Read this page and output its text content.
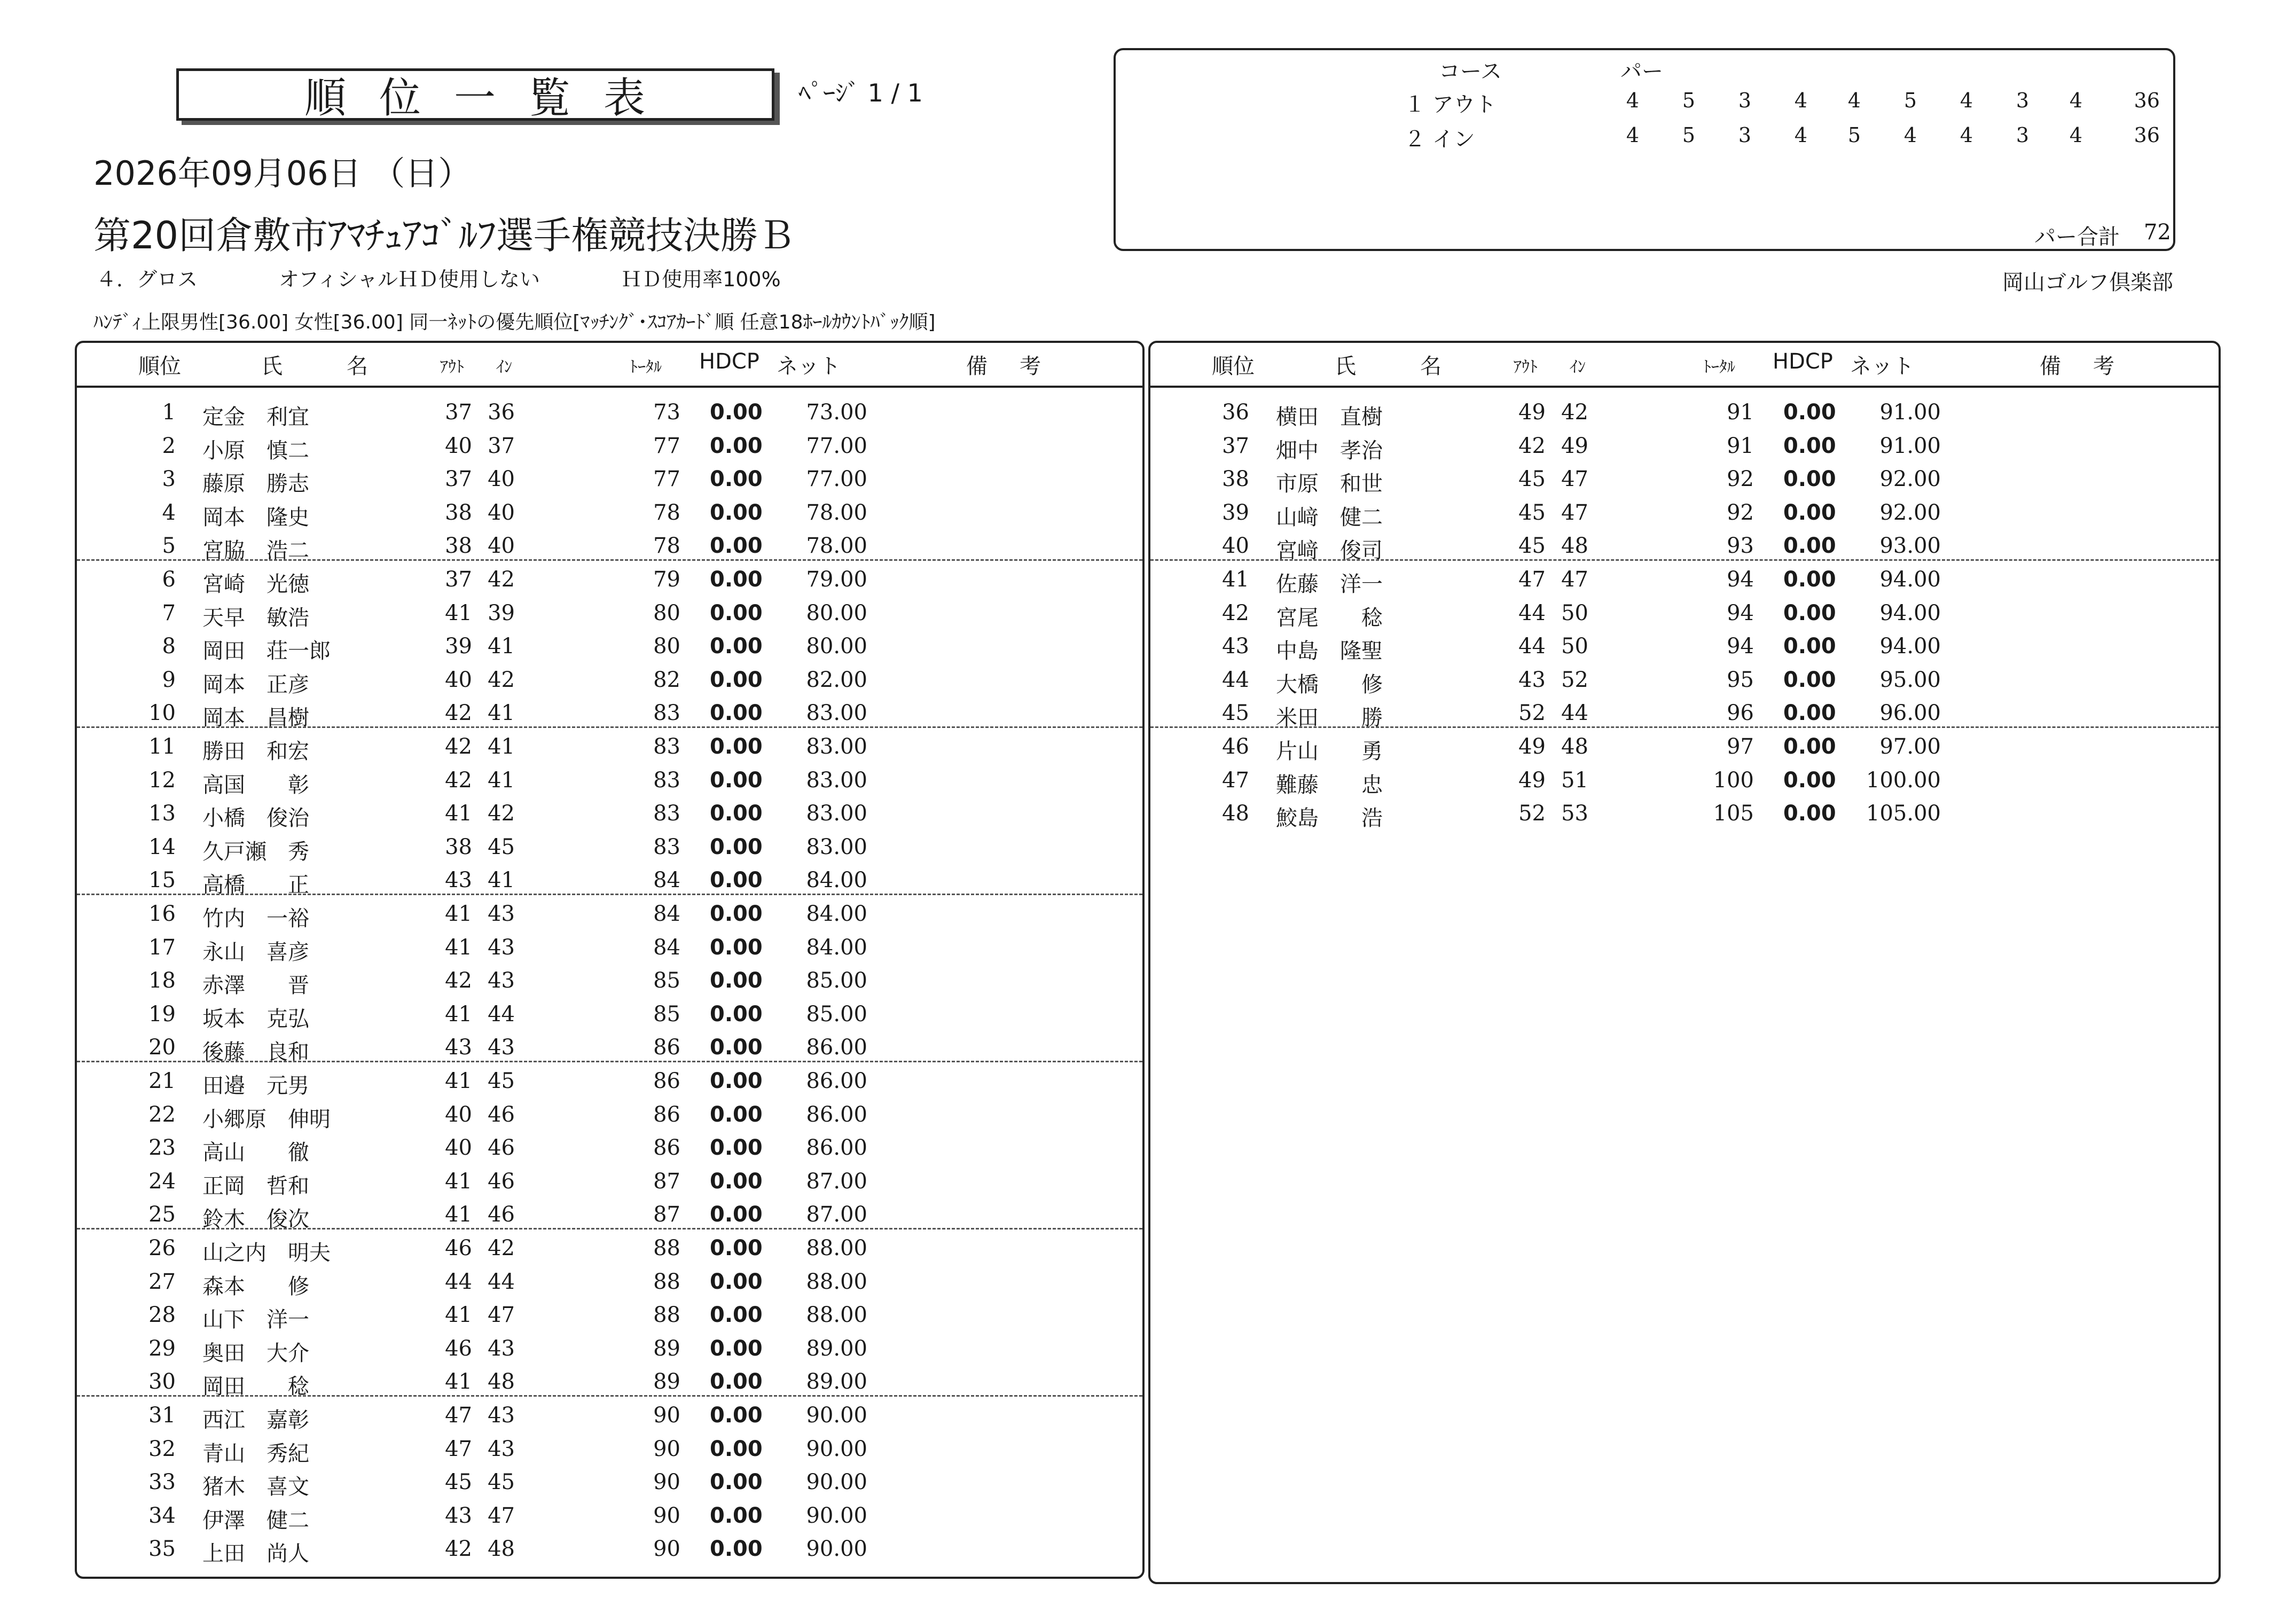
順位一覧表	ﾍﾟｰｼﾞ 1 / 1
2026年09月06日 （日）
第20回倉敷市ｱﾏﾁｭｱｺﾞﾙﾌ選手権競技決勝Ｂ
４．グロス　　　　オフィシャルＨＤ使用しない　　　　ＨＤ使用率100%
ﾊﾝﾃﾞｨ上限男性[36.00] 女性[36.00] 同一ﾈｯﾄの優先順位[ﾏｯﾁﾝｸﾞ･ｽｺｱｶｰﾄﾞ順 任意18ﾎｰﾙｶｳﾝﾄﾊﾞｯｸ順]
岡山ゴルフ倶楽部
コース	パー
１ アウト	4	5	3	4	4	5	4	3	4	36
２ イン	4	5	3	4	5	4	4	3	4	36
パー合計 72
順位	氏	名	ｱｳﾄ ｲﾝ	ﾄｰﾀﾙ HDCP ネット	備 考
1 定金　利宜	37 36	73 0.00	73.00
2 小原　慎二	40 37	77 0.00	77.00
3 藤原　勝志	37 40	77 0.00	77.00
4 岡本　隆史	38 40	78 0.00	78.00
5 宮脇　浩二	38 40	78 0.00	78.00
6 宮崎　光徳	37 42	79 0.00	79.00
7 天早　敏浩	41 39	80 0.00	80.00
8 岡田　荘一郎	39 41	80 0.00	80.00
9 岡本　正彦	40 42	82 0.00	82.00
10 岡本　昌樹	42 41	83 0.00	83.00
11 勝田　和宏	42 41	83 0.00	83.00
12 高国　　彰	42 41	83 0.00	83.00
13 小橋　俊治	41 42	83 0.00	83.00
14 久戸瀬　秀	38 45	83 0.00	83.00
15 高橋　　正	43 41	84 0.00	84.00
16 竹内　一裕	41 43	84 0.00	84.00
17 永山　喜彦	41 43	84 0.00	84.00
18 赤澤　　晋	42 43	85 0.00	85.00
19 坂本　克弘	41 44	85 0.00	85.00
20 後藤　良和	43 43	86 0.00	86.00
21 田邉　元男	41 45	86 0.00	86.00
22 小郷原　伸明	40 46	86 0.00	86.00
23 高山　　徹	40 46	86 0.00	86.00
24 正岡　哲和	41 46	87 0.00	87.00
25 鈴木　俊次	41 46	87 0.00	87.00
26 山之内　明夫	46 42	88 0.00	88.00
27 森本　　修	44 44	88 0.00	88.00
28 山下　洋一	41 47	88 0.00	88.00
29 奥田　大介	46 43	89 0.00	89.00
30 岡田　　稔	41 48	89 0.00	89.00
31 西江　嘉彰	47 43	90 0.00	90.00
32 青山　秀紀	47 43	90 0.00	90.00
33 猪木　喜文	45 45	90 0.00	90.00
34 伊澤　健二	43 47	90 0.00	90.00
35 上田　尚人	42 48	90 0.00	90.00
順位	氏	名	ｱｳﾄ ｲﾝ	ﾄｰﾀﾙ HDCP ネット	備 考
36 横田　直樹	49 42	91 0.00	91.00
37 畑中　孝治	42 49	91 0.00	91.00
38 市原　和世	45 47	92 0.00	92.00
39 山﨑　健二	45 47	92 0.00	92.00
40 宮﨑　俊司	45 48	93 0.00	93.00
41 佐藤　洋一	47 47	94 0.00	94.00
42 宮尾　　稔	44 50	94 0.00	94.00
43 中島　隆聖	44 50	94 0.00	94.00
44 大橋　　修	43 52	95 0.00	95.00
45 米田　　勝	52 44	96 0.00	96.00
46 片山　　勇	49 48	97 0.00	97.00
47 難藤　　忠	49 51	100 0.00	100.00
48 鮫島　　浩	52 53	105 0.00	105.00
